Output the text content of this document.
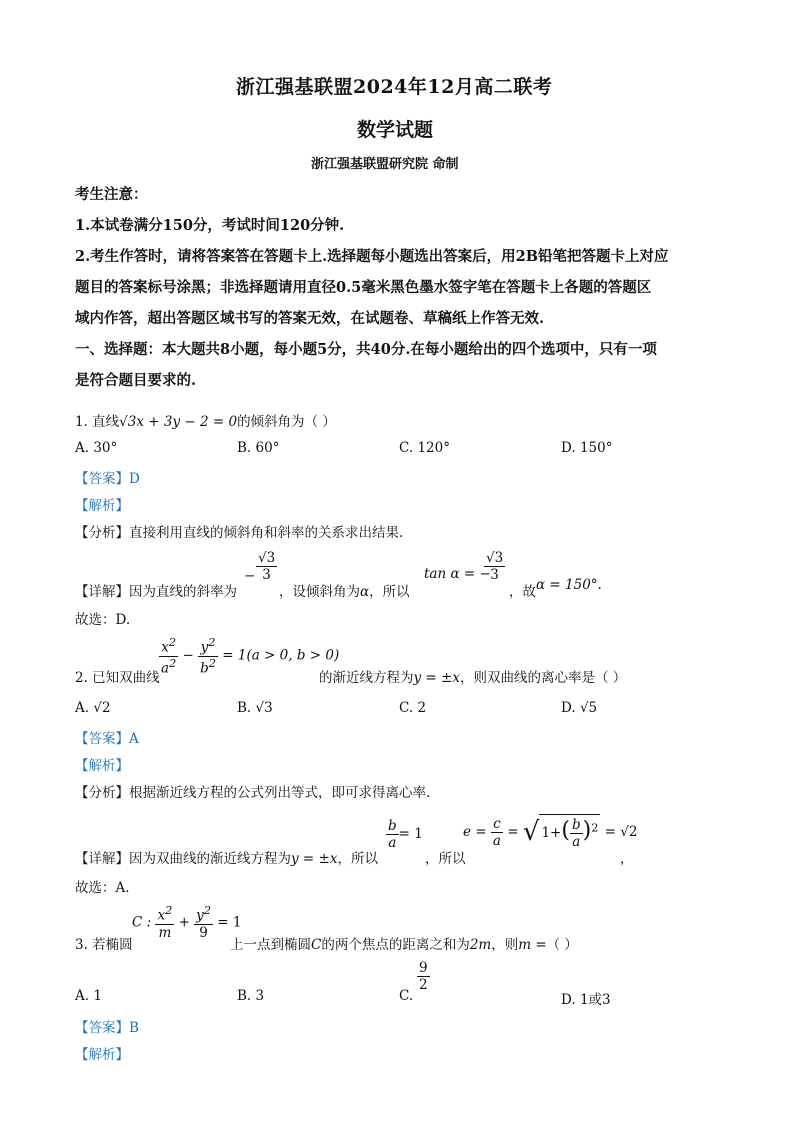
浙江强基联盟2024年12月高二联考
数学试题
浙江强基联盟研究院 命制
考生注意：
1.本试卷满分150分，考试时间120分钟.
2.考生作答时，请将答案答在答题卡上.选择题每小题选出答案后，用2B铅笔把答题卡上对应
题目的答案标号涂黑；非选择题请用直径0.5毫米黑色墨水签字笔在答题卡上各题的答题区
域内作答，超出答题区域书写的答案无效，在试题卷、草稿纸上作答无效.
一、选择题：本大题共8小题，每小题5分，共40分.在每小题给出的四个选项中，只有一项
是符合题目要求的.
1. 直线√3x + 3y − 2 = 0的倾斜角为（ ）
A. 30°	B. 60°	C. 120°	D. 150°
【答案】D
【解析】
【分析】直接利用直线的倾斜角和斜率的关系求出结果.
【详解】因为直线的斜率为
− $\frac{√3}{3}$
，设倾斜角为α，所以
tan α = −
$\frac{√3}{3}$
，故 α = 150°.
故选：D.
2. 已知双曲线
$\frac{x^2}{a^2} - \frac{y^2}{b^2} = 1(a > 0$, b > 0)
的渐近线方程为y = ±x，则双曲线的离心率是（ ）
A. √2	B. √3	C. 2	D. √5
【答案】A
【解析】
【分析】根据渐近线方程的公式列出等式，即可求得离心率.
【详解】因为双曲线的渐近线方程为y = ±x，所以
$\frac{b}{a} = 1$
，所以
$e = \frac{c}{a}$ = √ $1+( \frac{b}{a} )^2 = √2$
，
故选：A.
3. 若椭圆
C : $\frac{x^2}{m} + \frac{y^2}{9} = 1$
上一点到椭圆C的两个焦点的距离之和为2m，则m =（ ）
A. 1	B. 3	C.
$\frac{9}{2}$
D. 1或3
【答案】B
【解析】
